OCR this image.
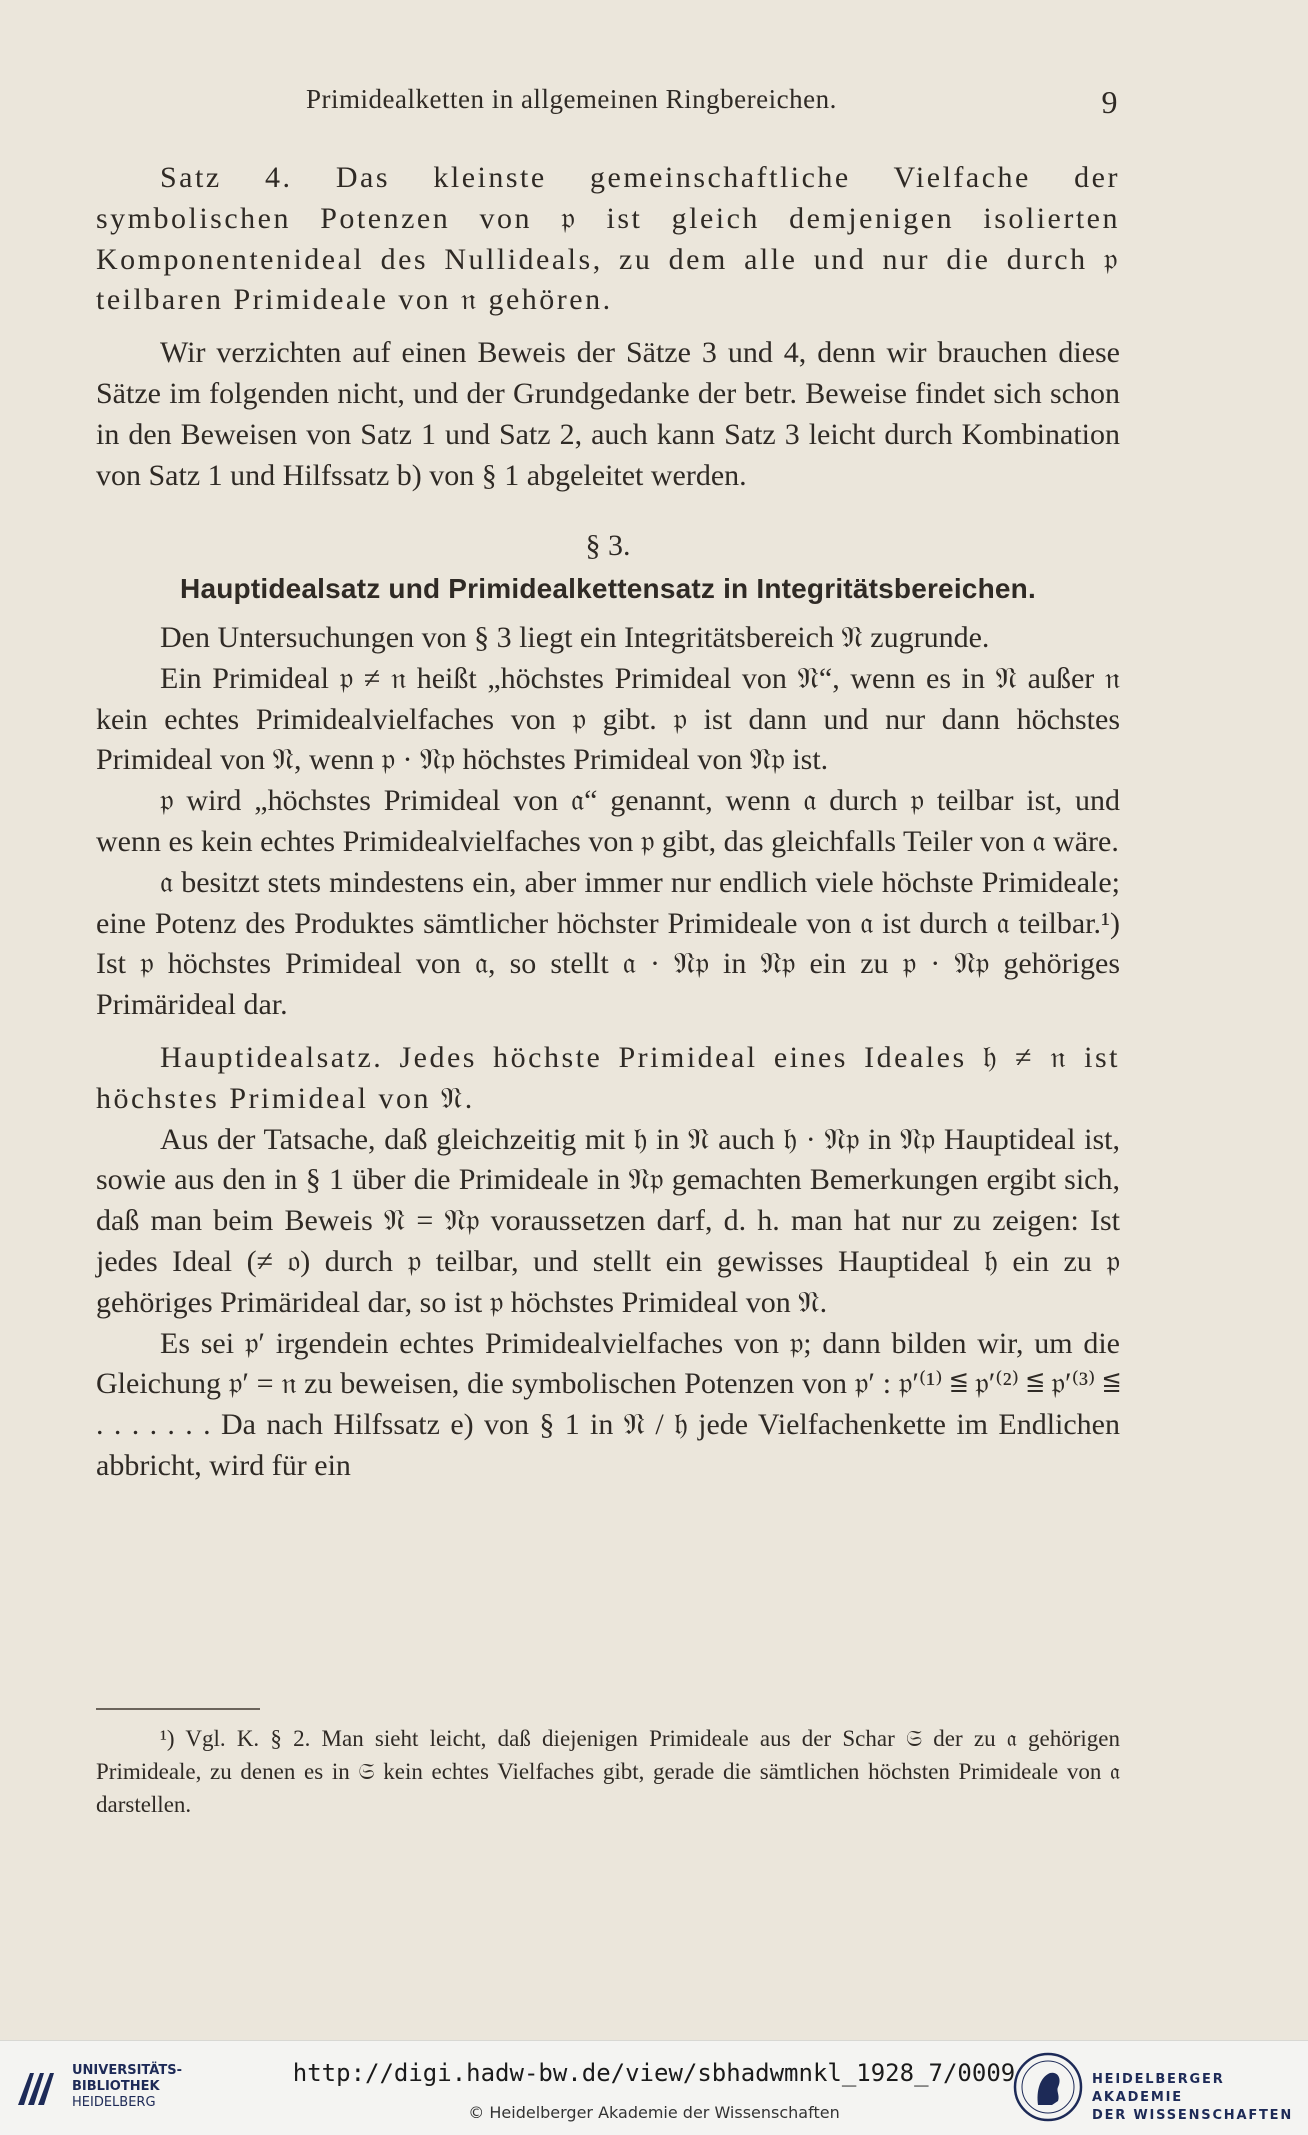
Primidealketten in allgemeinen Ringbereichen.	9

Satz 4. Das kleinste gemeinschaftliche Vielfache der symbolischen Potenzen von 𝔭 ist gleich demjenigen isolierten Komponentenideal des Nullideals, zu dem alle und nur die durch 𝔭 teilbaren Primideale von 𝔫 gehören.

Wir verzichten auf einen Beweis der Sätze 3 und 4, denn wir brauchen diese Sätze im folgenden nicht, und der Grundgedanke der betr. Beweise findet sich schon in den Beweisen von Satz 1 und Satz 2, auch kann Satz 3 leicht durch Kombination von Satz 1 und Hilfssatz b) von § 1 abgeleitet werden.

§ 3.

Hauptidealsatz und Primidealkettensatz in Integritätsbereichen.

Den Untersuchungen von § 3 liegt ein Integritätsbereich 𝔑 zugrunde.

Ein Primideal 𝔭 ≠ 𝔫 heißt „höchstes Primideal von 𝔑“, wenn es in 𝔑 außer 𝔫 kein echtes Primidealvielfaches von 𝔭 gibt. 𝔭 ist dann und nur dann höchstes Primideal von 𝔑, wenn 𝔭 · 𝔑𝔭 höchstes Primideal von 𝔑𝔭 ist.

𝔭 wird „höchstes Primideal von 𝔞“ genannt, wenn 𝔞 durch 𝔭 teilbar ist, und wenn es kein echtes Primidealvielfaches von 𝔭 gibt, das gleichfalls Teiler von 𝔞 wäre.

𝔞 besitzt stets mindestens ein, aber immer nur endlich viele höchste Primideale; eine Potenz des Produktes sämtlicher höchster Primideale von 𝔞 ist durch 𝔞 teilbar.¹) Ist 𝔭 höchstes Primideal von 𝔞, so stellt 𝔞 · 𝔑𝔭 in 𝔑𝔭 ein zu 𝔭 · 𝔑𝔭 gehöriges Primärideal dar.

Hauptidealsatz. Jedes höchste Primideal eines Ideales 𝔥 ≠ 𝔫 ist höchstes Primideal von 𝔑.

Aus der Tatsache, daß gleichzeitig mit 𝔥 in 𝔑 auch 𝔥 · 𝔑𝔭 in 𝔑𝔭 Hauptideal ist, sowie aus den in § 1 über die Primideale in 𝔑𝔭 gemachten Bemerkungen ergibt sich, daß man beim Beweis 𝔑 = 𝔑𝔭 voraussetzen darf, d. h. man hat nur zu zeigen: Ist jedes Ideal (≠ 𝔬) durch 𝔭 teilbar, und stellt ein gewisses Hauptideal 𝔥 ein zu 𝔭 gehöriges Primärideal dar, so ist 𝔭 höchstes Primideal von 𝔑.

Es sei 𝔭′ irgendein echtes Primidealvielfaches von 𝔭; dann bilden wir, um die Gleichung 𝔭′ = 𝔫 zu beweisen, die symbolischen Potenzen von 𝔭′ : 𝔭′⁽¹⁾ ≦ 𝔭′⁽²⁾ ≦ 𝔭′⁽³⁾ ≦ . . . . . . . Da nach Hilfssatz e) von § 1 in 𝔑 / 𝔥 jede Vielfachenkette im Endlichen abbricht, wird für ein

¹) Vgl. K. § 2. Man sieht leicht, daß diejenigen Primideale aus der Schar 𝔖 der zu 𝔞 gehörigen Primideale, zu denen es in 𝔖 kein echtes Vielfaches gibt, gerade die sämtlichen höchsten Primideale von 𝔞 darstellen.

UNIVERSITÄTS-
BIBLIOTHEK
HEIDELBERG
http://digi.hadw-bw.de/view/sbhadwmnkl_1928_7/0009
© Heidelberger Akademie der Wissenschaften
HEIDELBERGER AKADEMIE
DER WISSENSCHAFTEN
